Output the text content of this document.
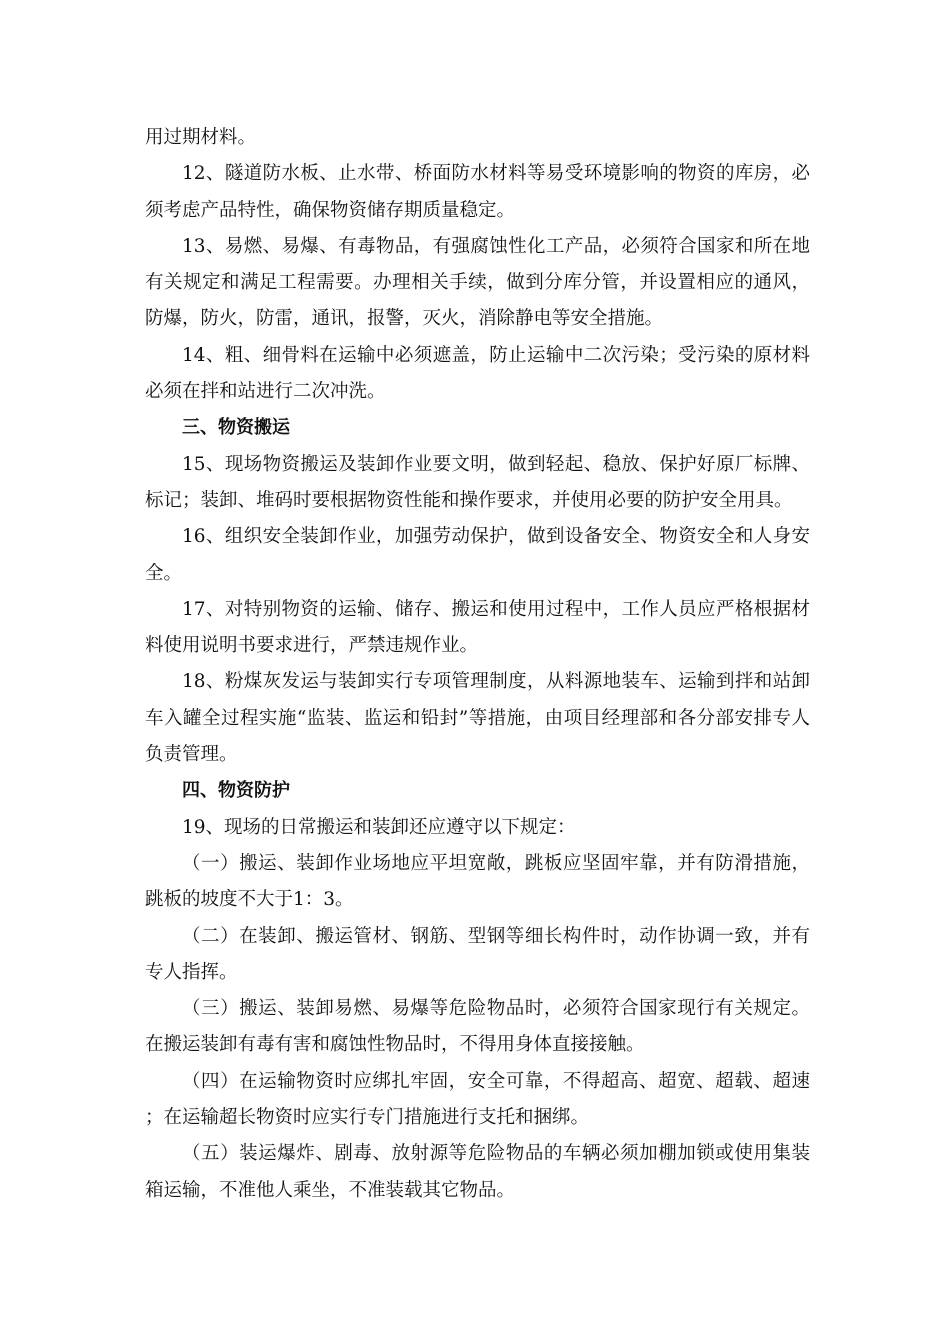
用过期材料。

12、隧道防水板、止水带、桥面防水材料等易受环境影响的物资的库房，必须考虑产品特性，确保物资储存期质量稳定。

13、易燃、易爆、有毒物品，有强腐蚀性化工产品，必须符合国家和所在地有关规定和满足工程需要。办理相关手续，做到分库分管，并设置相应的通风，防爆，防火，防雷，通讯，报警，灭火，消除静电等安全措施。

14、粗、细骨料在运输中必须遮盖，防止运输中二次污染；受污染的原材料必须在拌和站进行二次冲洗。

三、物资搬运

15、现场物资搬运及装卸作业要文明，做到轻起、稳放、保护好原厂标牌、标记；装卸、堆码时要根据物资性能和操作要求，并使用必要的防护安全用具。

16、组织安全装卸作业，加强劳动保护，做到设备安全、物资安全和人身安全。

17、对特别物资的运输、储存、搬运和使用过程中，工作人员应严格根据材料使用说明书要求进行，严禁违规作业。

18、粉煤灰发运与装卸实行专项管理制度，从料源地装车、运输到拌和站卸车入罐全过程实施“监装、监运和铅封”等措施，由项目经理部和各分部安排专人负责管理。

四、物资防护

19、现场的日常搬运和装卸还应遵守以下规定：

（一）搬运、装卸作业场地应平坦宽敞，跳板应坚固牢靠，并有防滑措施，跳板的坡度不大于1：3。

（二）在装卸、搬运管材、钢筋、型钢等细长构件时，动作协调一致，并有专人指挥。

（三）搬运、装卸易燃、易爆等危险物品时，必须符合国家现行有关规定。在搬运装卸有毒有害和腐蚀性物品时，不得用身体直接接触。

（四）在运输物资时应绑扎牢固，安全可靠，不得超高、超宽、超载、超速；在运输超长物资时应实行专门措施进行支托和捆绑。

（五）装运爆炸、剧毒、放射源等危险物品的车辆必须加棚加锁或使用集装箱运输，不准他人乘坐，不准装载其它物品。
